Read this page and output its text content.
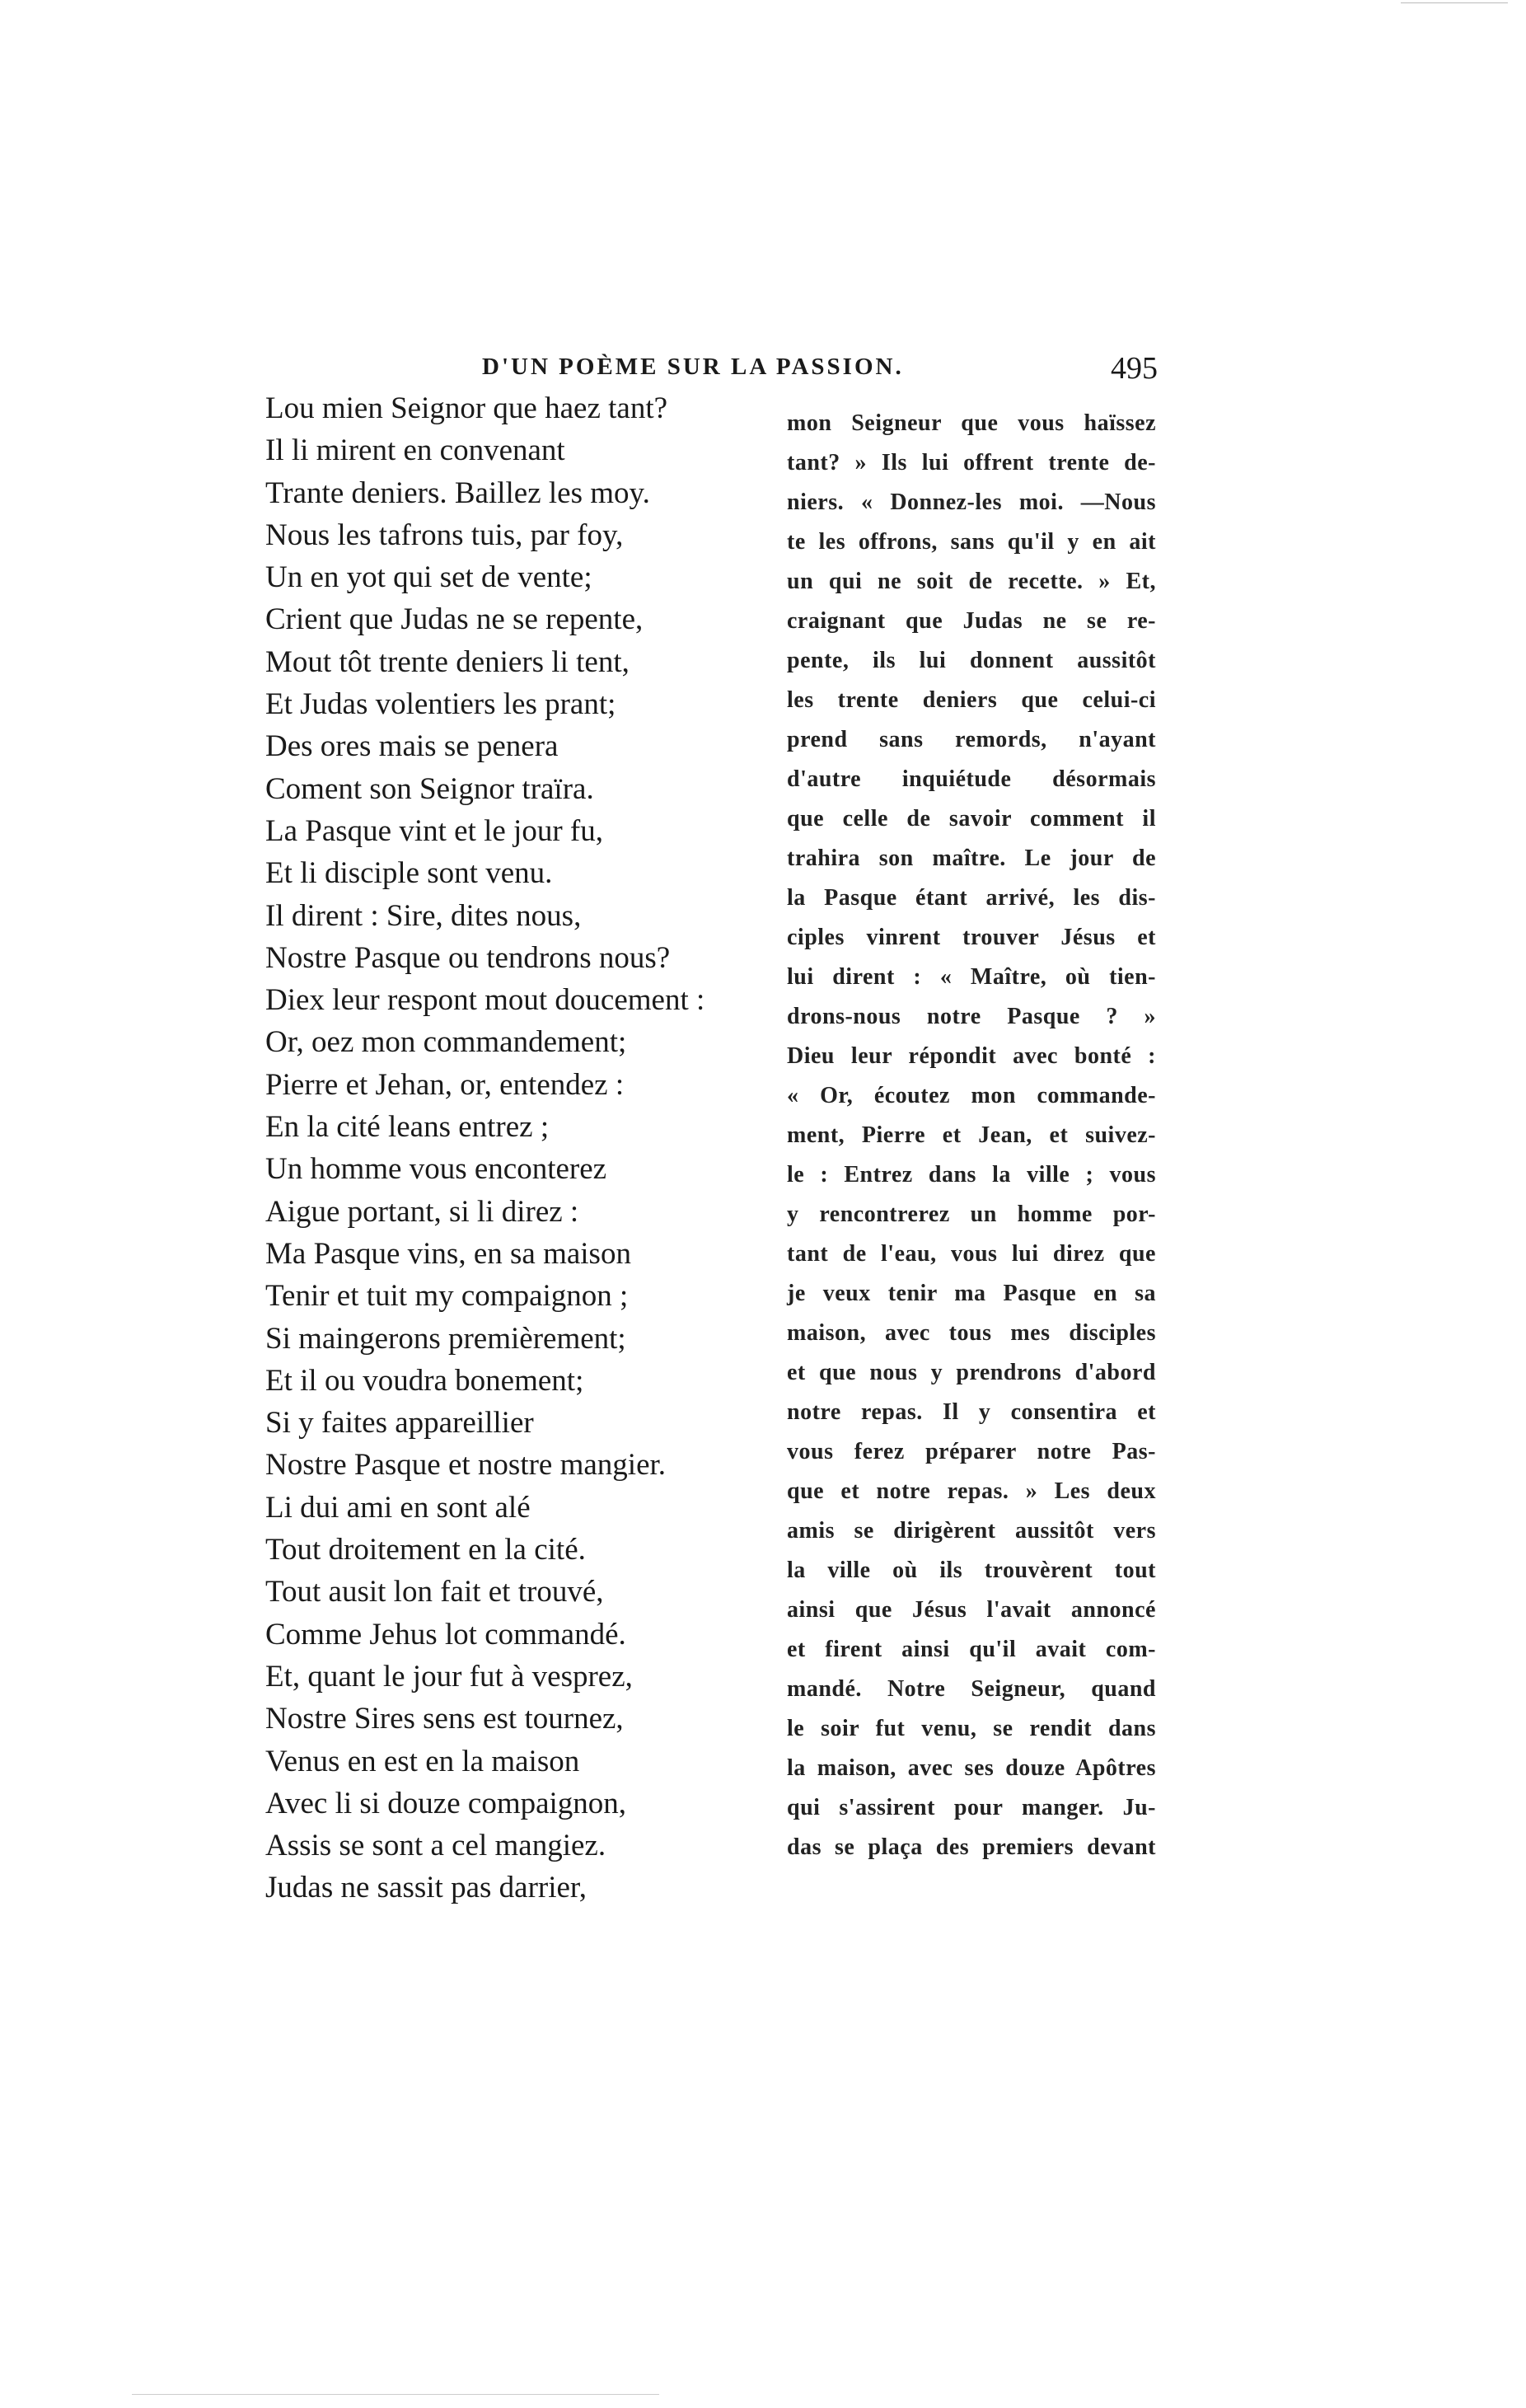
D'UN POÈME SUR LA PASSION.	495
Lou mien Seignor que haez tant?
Il li mirent en convenant
Trante deniers. Baillez les moy.
Nous les tafrons tuis, par foy,
Un en yot qui set de vente;
Crient que Judas ne se repente,
Mout tôt trente deniers li tent,
Et Judas volentiers les prant;
Des ores mais se penera
Coment son Seignor traïra.
La Pasque vint et le jour fu,
Et li disciple sont venu.
Il dirent : Sire, dites nous,
Nostre Pasque ou tendrons nous?
Diex leur respont mout doucement :
Or, oez mon commandement;
Pierre et Jehan, or, entendez :
En la cité leans entrez ;
Un homme vous enconterez
Aigue portant, si li direz :
Ma Pasque vins, en sa maison
Tenir et tuit my compaignon ;
Si maingerons premièrement;
Et il ou voudra bonement;
Si y faites appareillier
Nostre Pasque et nostre mangier.
Li dui ami en sont alé
Tout droitement en la cité.
Tout ausit lon fait et trouvé,
Comme Jehus lot commandé.
Et, quant le jour fut à vesprez,
Nostre Sires sens est tournez,
Venus en est en la maison
Avec li si douze compaignon,
Assis se sont a cel mangiez.
Judas ne sassit pas darrier,
mon Seigneur que vous haïssez
tant? » Ils lui offrent trente de-
niers. « Donnez-les moi. —Nous
te les offrons, sans qu'il y en ait
un qui ne soit de recette. » Et,
craignant que Judas ne se re-
pente, ils lui donnent aussitôt
les trente deniers que celui-ci
prend sans remords, n'ayant
d'autre inquiétude désormais
que celle de savoir comment il
trahira son maître. Le jour de
la Pasque étant arrivé, les dis-
ciples vinrent trouver Jésus et
lui dirent : « Maître, où tien-
drons-nous notre Pasque ? »
Dieu leur répondit avec bonté :
« Or, écoutez mon commande-
ment, Pierre et Jean, et suivez-
le : Entrez dans la ville ; vous
y rencontrerez un homme por-
tant de l'eau, vous lui direz que
je veux tenir ma Pasque en sa
maison, avec tous mes disciples
et que nous y prendrons d'abord
notre repas. Il y consentira et
vous ferez préparer notre Pas-
que et notre repas. » Les deux
amis se dirigèrent aussitôt vers
la ville où ils trouvèrent tout
ainsi que Jésus l'avait annoncé
et firent ainsi qu'il avait com-
mandé. Notre Seigneur, quand
le soir fut venu, se rendit dans
la maison, avec ses douze Apôtres
qui s'assirent pour manger. Ju-
das se plaça des premiers devant
